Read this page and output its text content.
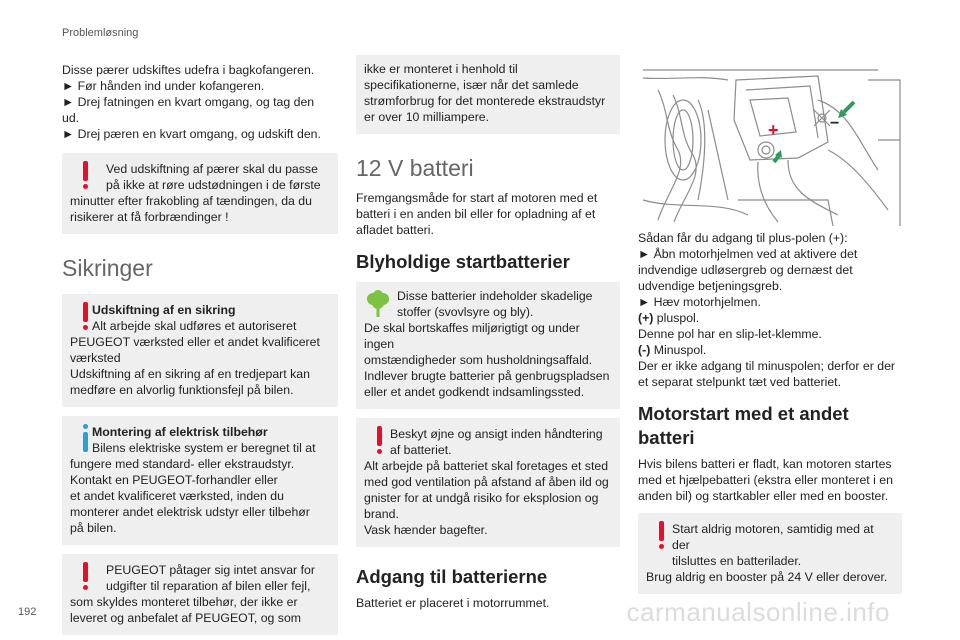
Problemløsning
Disse pærer udskiftes udefra i bagkofangeren.
► Før hånden ind under kofangeren.
► Drej fatningen en kvart omgang, og tag den
ud.
► Drej pæren en kvart omgang, og udskift den.
Ved udskiftning af pærer skal du passe
på ikke at røre udstødningen i de første
minutter efter frakobling af tændingen, da du
risikerer at få forbrændinger !
Sikringer
Udskiftning af en sikring
Alt arbejde skal udføres et autoriseret
PEUGEOT værksted eller et andet kvalificeret
værksted
Udskiftning af en sikring af en tredjepart kan
medføre en alvorlig funktionsfejl på bilen.
Montering af elektrisk tilbehør
Bilens elektriske system er beregnet til at
fungere med standard- eller ekstraudstyr.
Kontakt en PEUGEOT-forhandler eller
et andet kvalificeret værksted, inden du
monterer andet elektrisk udstyr eller tilbehør
på bilen.
PEUGEOT påtager sig intet ansvar for
udgifter til reparation af bilen eller fejl,
som skyldes monteret tilbehør, der ikke er
leveret og anbefalet af PEUGEOT, og som
ikke er monteret i henhold til
specifikationerne, især når det samlede
strømforbrug for det monterede ekstraudstyr
er over 10 milliampere.
12 V batteri
Fremgangsmåde for start af motoren med et
batteri i en anden bil eller for opladning af et
afladet batteri.
Blyholdige startbatterier
Disse batterier indeholder skadelige
stoffer (svovlsyre og bly).
De skal bortskaffes miljørigtigt og under ingen
omstændigheder som husholdningsaffald.
Indlever brugte batterier på genbrugspladsen
eller et andet godkendt indsamlingssted.
Beskyt øjne og ansigt inden håndtering
af batteriet.
Alt arbejde på batteriet skal foretages et sted
med god ventilation på afstand af åben ild og
gnister for at undgå risiko for eksplosion og
brand.
Vask hænder bagefter.
Adgang til batterierne

Batteriet er placeret i motorrummet.

+	−
Sådan får du adgang til plus-polen (+):
► Åbn motorhjelmen ved at aktivere det
indvendige udløsergreb og dernæst det
udvendige betjeningsgreb.
► Hæv motorhjelmen.
(+) pluspol.
Denne pol har en slip-let-klemme.
(-) Minuspol.
Der er ikke adgang til minuspolen; derfor er der
et separat stelpunkt tæt ved batteriet.
Motorstart med et andet
batteri
Hvis bilens batteri er fladt, kan motoren startes
med et hjælpebatteri (ekstra eller monteret i en
anden bil) og startkabler eller med en booster.
Start aldrig motoren, samtidig med at der
tilsluttes en batterilader.
Brug aldrig en booster på 24 V eller derover.
192	carmanualsonline.info
